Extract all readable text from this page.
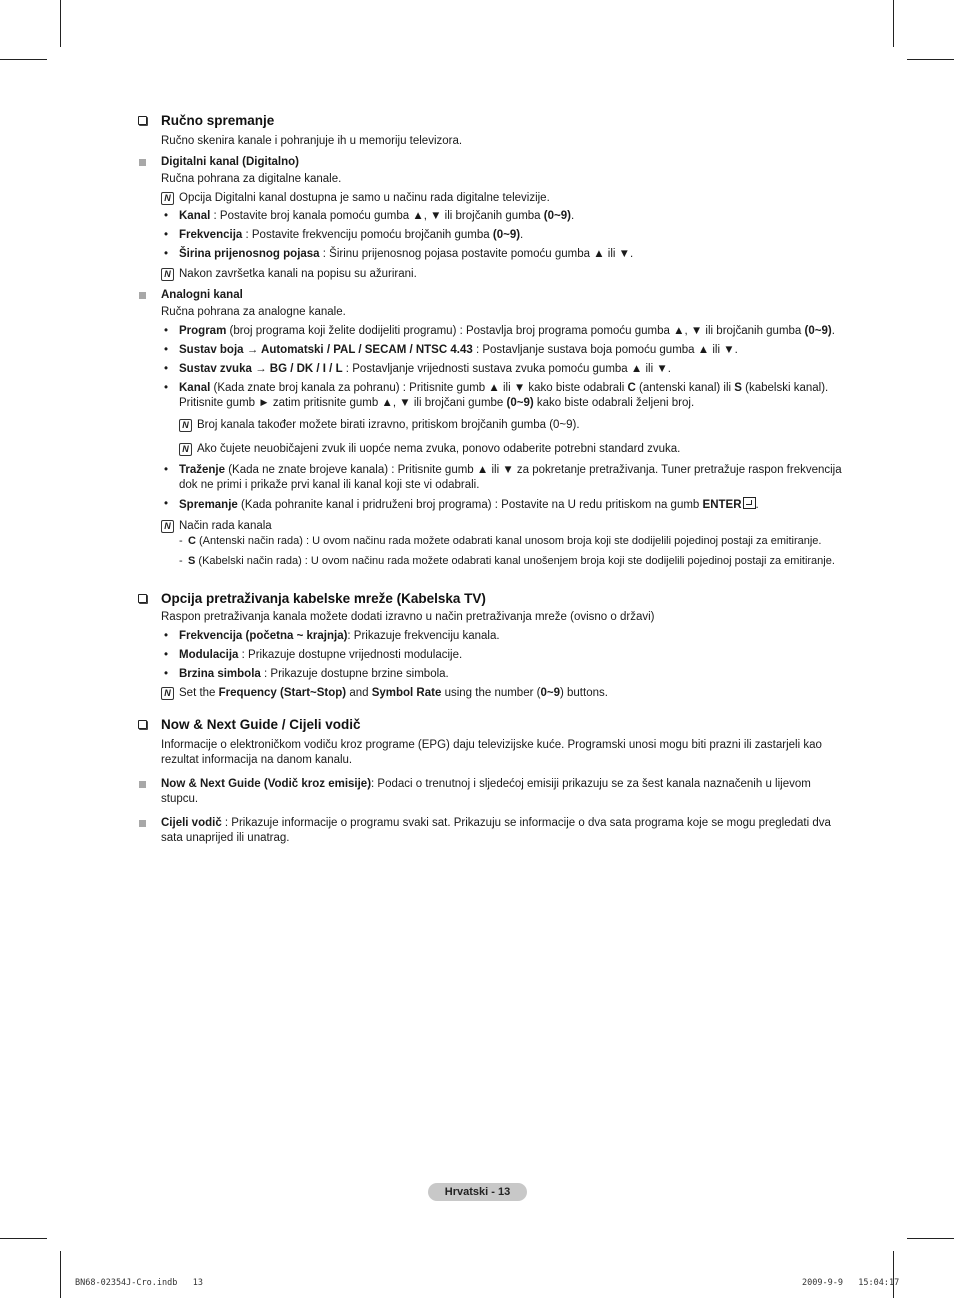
Ručno spremanje
Ručno skenira kanale i pohranjuje ih u memoriju televizora.
Digitalni kanal (Digitalno)
Ručna pohrana za digitalne kanale.
N Opcija Digitalni kanal dostupna je samo u načinu rada digitalne televizije.
• Kanal : Postavite broj kanala pomoću gumba ▲, ▼ ili brojčanih gumba (0~9).
• Frekvencija : Postavite frekvenciju pomoću brojčanih gumba (0~9).
• Širina prijenosnog pojasa : Širinu prijenosnog pojasa postavite pomoću gumba ▲ ili ▼.
N Nakon završetka kanali na popisu su ažurirani.
Analogni kanal
Ručna pohrana za analogne kanale.
• Program (broj programa koji želite dodijeliti programu) : Postavlja broj programa pomoću gumba ▲, ▼ ili brojčanih gumba (0~9).
• Sustav boja → Automatski / PAL / SECAM / NTSC 4.43 : Postavljanje sustava boja pomoću gumba ▲ ili ▼.
• Sustav zvuka → BG / DK / I / L : Postavljanje vrijednosti sustava zvuka pomoću gumba ▲ ili ▼.
• Kanal (Kada znate broj kanala za pohranu) : Pritisnite gumb ▲ ili ▼ kako biste odabrali C (antenski kanal) ili S (kabelski kanal). Pritisnite gumb ► zatim pritisnite gumb ▲, ▼ ili brojčani gumbe (0~9) kako biste odabrali željeni broj.
N Broj kanala također možete birati izravno, pritiskom brojčanih gumba (0~9).
N Ako čujete neuobičajeni zvuk ili uopće nema zvuka, ponovo odaberite potrebni standard zvuka.
• Traženje (Kada ne znate brojeve kanala) : Pritisnite gumb ▲ ili ▼ za pokretanje pretraživanja. Tuner pretražuje raspon frekvencija dok ne primi i prikaže prvi kanal ili kanal koji ste vi odabrali.
• Spremanje (Kada pohranite kanal i pridruženi broj programa) : Postavite na U redu pritiskom na gumb ENTER .
N Način rada kanala
- C (Antenski način rada) : U ovom načinu rada možete odabrati kanal unosom broja koji ste dodijelili pojedinoj postaji za emitiranje.
- S (Kabelski način rada) : U ovom načinu rada možete odabrati kanal unošenjem broja koji ste dodijelili pojedinoj postaji za emitiranje.
Opcija pretraživanja kabelske mreže (Kabelska TV)
Raspon pretraživanja kanala možete dodati izravno u način pretraživanja mreže (ovisno o državi)
• Frekvencija (početna ~ krajnja): Prikazuje frekvenciju kanala.
• Modulacija : Prikazuje dostupne vrijednosti modulacije.
• Brzina simbola : Prikazuje dostupne brzine simbola.
N Set the Frequency (Start~Stop) and Symbol Rate using the number (0~9) buttons.
Now & Next Guide / Cijeli vodič
Informacije o elektroničkom vodiču kroz programe (EPG) daju televizijske kuće. Programski unosi mogu biti prazni ili zastarjeli kao rezultat informacija na danom kanalu.
Now & Next Guide (Vodič kroz emisije): Podaci o trenutnoj i sljedećoj emisiji prikazuju se za šest kanala naznačenih u lijevom stupcu.
Cijeli vodič : Prikazuje informacije o programu svaki sat. Prikazuju se informacije o dva sata programa koje se mogu pregledati dva sata unaprijed ili unatrag.
Hrvatski - 13
BN68-02354J-Cro.indb   13	2009-9-9   15:04:17
